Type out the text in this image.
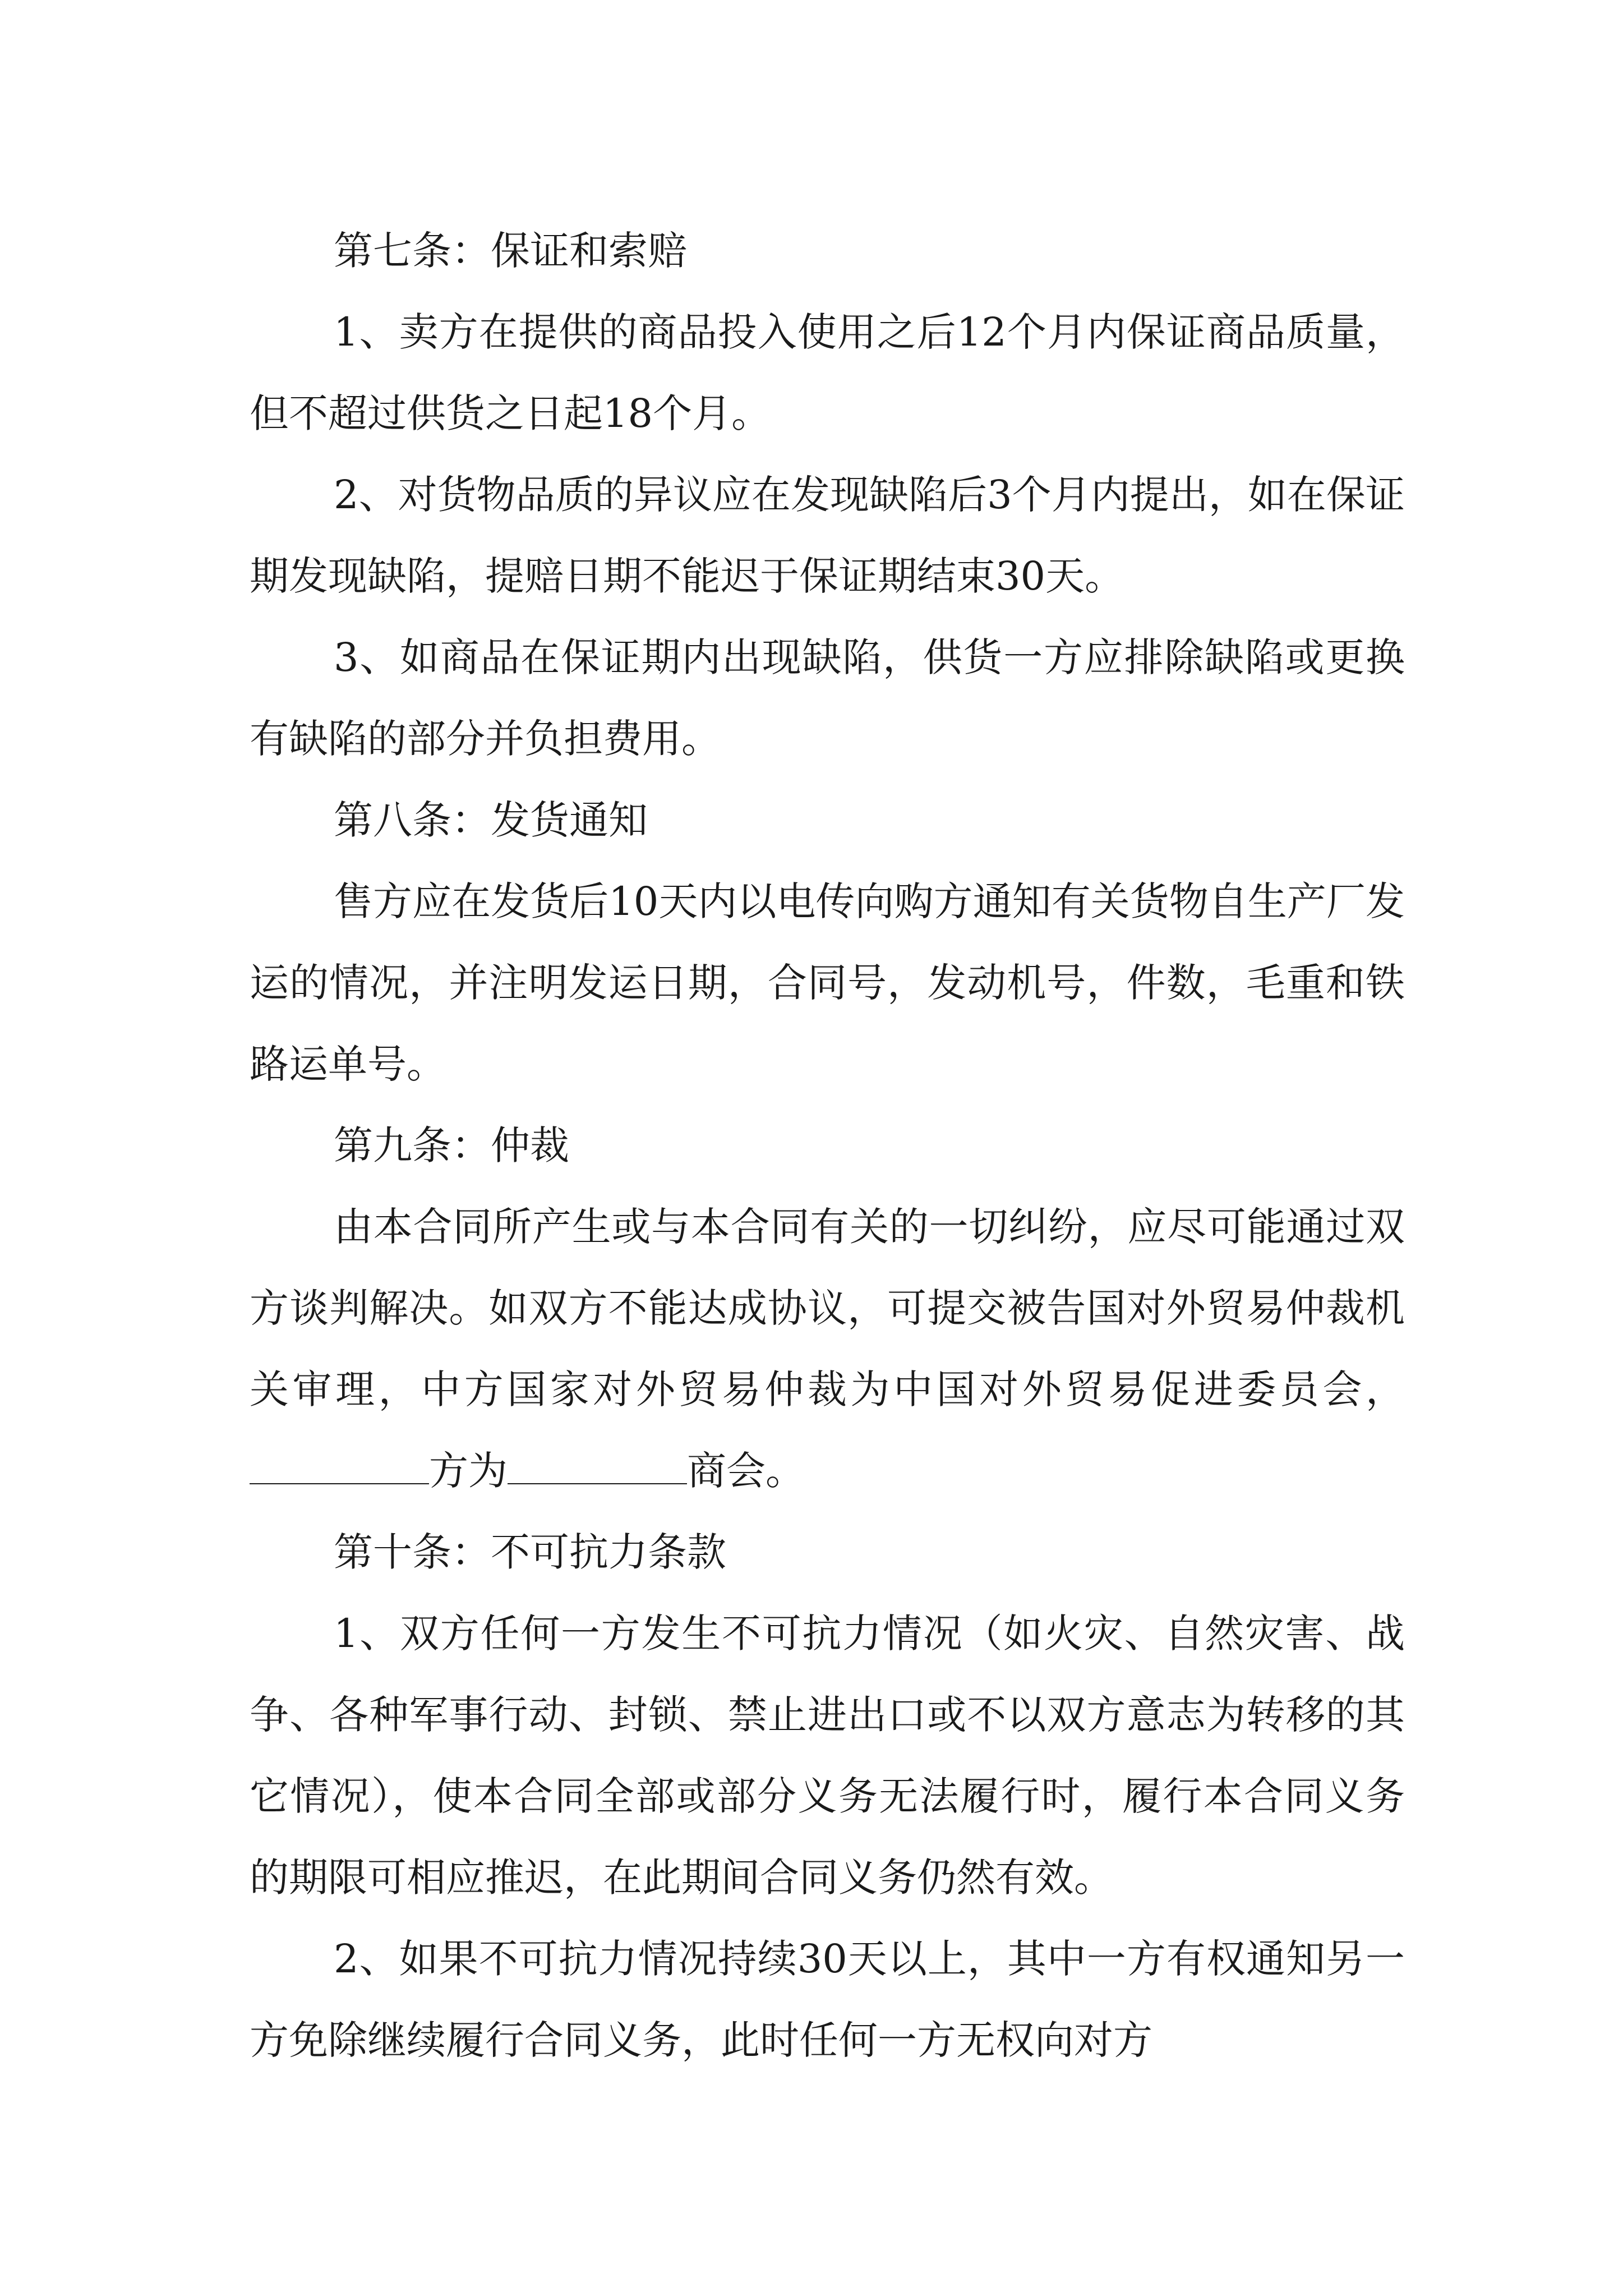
第七条：保证和索赔

1、卖方在提供的商品投入使用之后12个月内保证商品质量，但不超过供货之日起18个月。

2、对货物品质的异议应在发现缺陷后3个月内提出，如在保证期发现缺陷，提赔日期不能迟于保证期结束30天。

3、如商品在保证期内出现缺陷，供货一方应排除缺陷或更换有缺陷的部分并负担费用。

第八条：发货通知

售方应在发货后10天内以电传向购方通知有关货物自生产厂发运的情况，并注明发运日期，合同号，发动机号，件数，毛重和铁路运单号。

第九条：仲裁

由本合同所产生或与本合同有关的一切纠纷，应尽可能通过双方谈判解决。如双方不能达成协议，可提交被告国对外贸易仲裁机关审理，中方国家对外贸易仲裁为中国对外贸易促进委员会，方为	商会。

第十条：不可抗力条款

1、双方任何一方发生不可抗力情况（如火灾、自然灾害、战争、各种军事行动、封锁、禁止进出口或不以双方意志为转移的其它情况），使本合同全部或部分义务无法履行时，履行本合同义务的期限可相应推迟，在此期间合同义务仍然有效。

2、如果不可抗力情况持续30天以上，其中一方有权通知另一方免除继续履行合同义务，此时任何一方无权向对方
